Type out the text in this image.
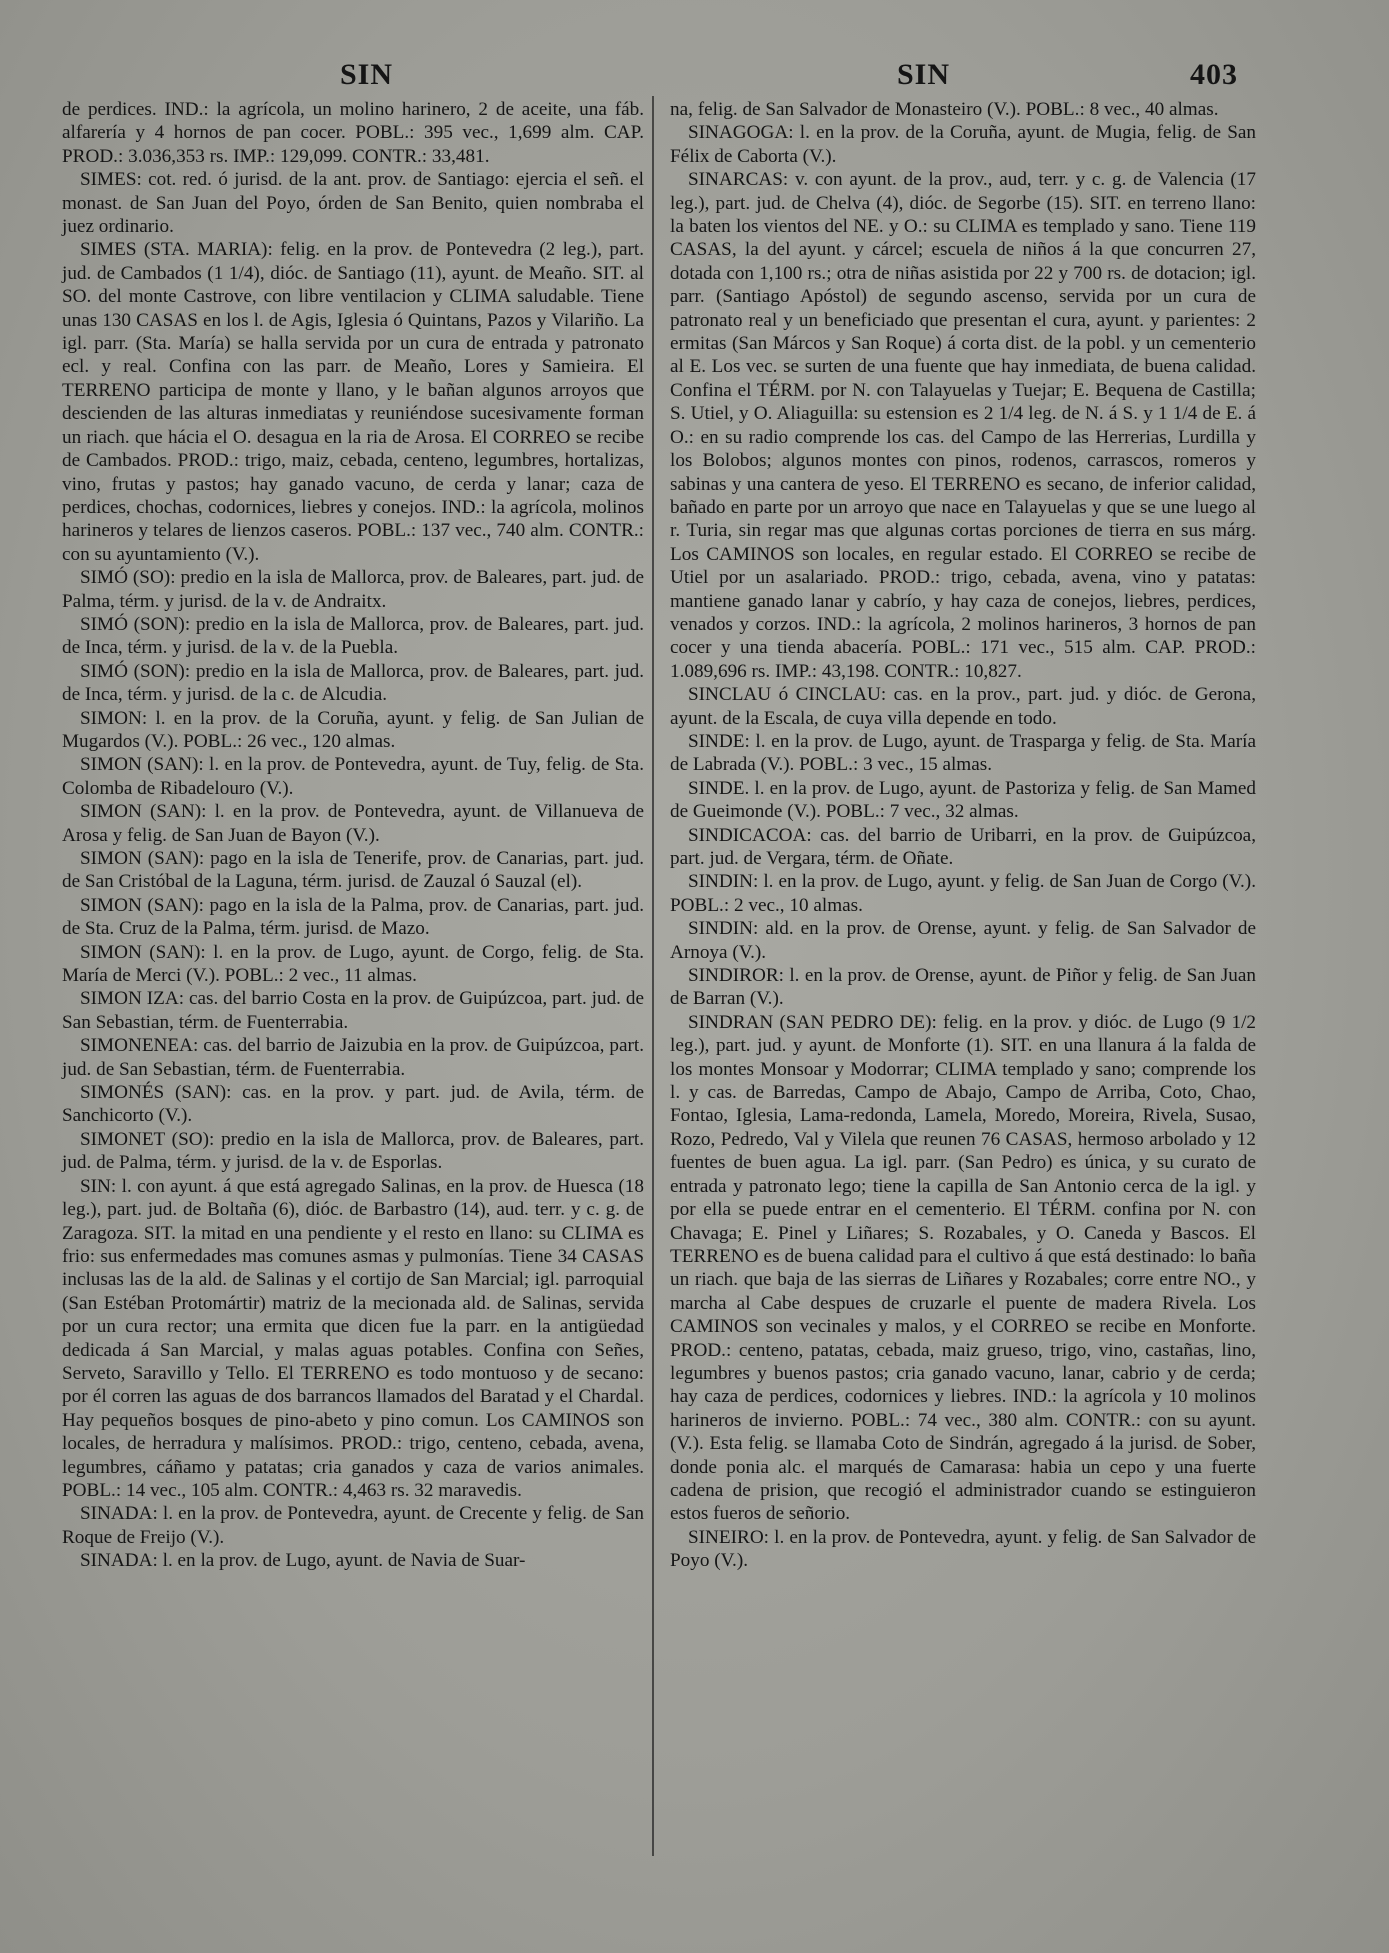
SIN	SIN	403

de perdices. IND.: la agrícola, un molino harinero, 2 de aceite, una fáb. alfarería y 4 hornos de pan cocer. POBL.: 395 vec., 1,699 alm. CAP. PROD.: 3.036,353 rs. IMP.: 129,099. CONTR.: 33,481.

SIMES: cot. red. ó jurisd. de la ant. prov. de Santiago: ejercia el señ. el monast. de San Juan del Poyo, órden de San Benito, quien nombraba el juez ordinario.

SIMES (STA. MARIA): felig. en la prov. de Pontevedra (2 leg.), part. jud. de Cambados (1 1/4), dióc. de Santiago (11), ayunt. de Meaño. SIT. al SO. del monte Castrove, con libre ventilacion y CLIMA saludable. Tiene unas 130 CASAS en los l. de Agis, Iglesia ó Quintans, Pazos y Vilariño. La igl. parr. (Sta. María) se halla servida por un cura de entrada y patronato ecl. y real. Confina con las parr. de Meaño, Lores y Samieira. El TERRENO participa de monte y llano, y le bañan algunos arroyos que descienden de las alturas inmediatas y reuniéndose sucesivamente forman un riach. que hácia el O. desagua en la ria de Arosa. El CORREO se recibe de Cambados. PROD.: trigo, maiz, cebada, centeno, legumbres, hortalizas, vino, frutas y pastos; hay ganado vacuno, de cerda y lanar; caza de perdices, chochas, codornices, liebres y conejos. IND.: la agrícola, molinos harineros y telares de lienzos caseros. POBL.: 137 vec., 740 alm. CONTR.: con su ayuntamiento (V.).

SIMÓ (SO): predio en la isla de Mallorca, prov. de Baleares, part. jud. de Palma, térm. y jurisd. de la v. de Andraitx.

SIMÓ (SON): predio en la isla de Mallorca, prov. de Baleares, part. jud. de Inca, térm. y jurisd. de la v. de la Puebla.

SIMÓ (SON): predio en la isla de Mallorca, prov. de Baleares, part. jud. de Inca, térm. y jurisd. de la c. de Alcudia.

SIMON: l. en la prov. de la Coruña, ayunt. y felig. de San Julian de Mugardos (V.). POBL.: 26 vec., 120 almas.

SIMON (SAN): l. en la prov. de Pontevedra, ayunt. de Tuy, felig. de Sta. Colomba de Ribadelouro (V.).

SIMON (SAN): l. en la prov. de Pontevedra, ayunt. de Villanueva de Arosa y felig. de San Juan de Bayon (V.).

SIMON (SAN): pago en la isla de Tenerife, prov. de Canarias, part. jud. de San Cristóbal de la Laguna, térm. jurisd. de Zauzal ó Sauzal (el).

SIMON (SAN): pago en la isla de la Palma, prov. de Canarias, part. jud. de Sta. Cruz de la Palma, térm. jurisd. de Mazo.

SIMON (SAN): l. en la prov. de Lugo, ayunt. de Corgo, felig. de Sta. María de Merci (V.). POBL.: 2 vec., 11 almas.

SIMON IZA: cas. del barrio Costa en la prov. de Guipúzcoa, part. jud. de San Sebastian, térm. de Fuenterrabia.

SIMONENEA: cas. del barrio de Jaizubia en la prov. de Guipúzcoa, part. jud. de San Sebastian, térm. de Fuenterrabia.

SIMONÉS (SAN): cas. en la prov. y part. jud. de Avila, térm. de Sanchicorto (V.).

SIMONET (SO): predio en la isla de Mallorca, prov. de Baleares, part. jud. de Palma, térm. y jurisd. de la v. de Esporlas.

SIN: l. con ayunt. á que está agregado Salinas, en la prov. de Huesca (18 leg.), part. jud. de Boltaña (6), dióc. de Barbastro (14), aud. terr. y c. g. de Zaragoza. SIT. la mitad en una pendiente y el resto en llano: su CLIMA es frio: sus enfermedades mas comunes asmas y pulmonías. Tiene 34 CASAS inclusas las de la ald. de Salinas y el cortijo de San Marcial; igl. parroquial (San Estéban Protomártir) matriz de la mecionada ald. de Salinas, servida por un cura rector; una ermita que dicen fue la parr. en la antigüedad dedicada á San Marcial, y malas aguas potables. Confina con Señes, Serveto, Saravillo y Tello. El TERRENO es todo montuoso y de secano: por él corren las aguas de dos barrancos llamados del Baratad y el Chardal. Hay pequeños bosques de pino-abeto y pino comun. Los CAMINOS son locales, de herradura y malísimos. PROD.: trigo, centeno, cebada, avena, legumbres, cáñamo y patatas; cria ganados y caza de varios animales. POBL.: 14 vec., 105 alm. CONTR.: 4,463 rs. 32 maravedis.

SINADA: l. en la prov. de Pontevedra, ayunt. de Crecente y felig. de San Roque de Freijo (V.).

SINADA: l. en la prov. de Lugo, ayunt. de Navia de Suar-

na, felig. de San Salvador de Monasteiro (V.). POBL.: 8 vec., 40 almas.

SINAGOGA: l. en la prov. de la Coruña, ayunt. de Mugia, felig. de San Félix de Caborta (V.).

SINARCAS: v. con ayunt. de la prov., aud, terr. y c. g. de Valencia (17 leg.), part. jud. de Chelva (4), dióc. de Segorbe (15). SIT. en terreno llano: la baten los vientos del NE. y O.: su CLIMA es templado y sano. Tiene 119 CASAS, la del ayunt. y cárcel; escuela de niños á la que concurren 27, dotada con 1,100 rs.; otra de niñas asistida por 22 y 700 rs. de dotacion; igl. parr. (Santiago Apóstol) de segundo ascenso, servida por un cura de patronato real y un beneficiado que presentan el cura, ayunt. y parientes: 2 ermitas (San Márcos y San Roque) á corta dist. de la pobl. y un cementerio al E. Los vec. se surten de una fuente que hay inmediata, de buena calidad. Confina el TÉRM. por N. con Talayuelas y Tuejar; E. Bequena de Castilla; S. Utiel, y O. Aliaguilla: su estension es 2 1/4 leg. de N. á S. y 1 1/4 de E. á O.: en su radio comprende los cas. del Campo de las Herrerias, Lurdilla y los Bolobos; algunos montes con pinos, rodenos, carrascos, romeros y sabinas y una cantera de yeso. El TERRENO es secano, de inferior calidad, bañado en parte por un arroyo que nace en Talayuelas y que se une luego al r. Turia, sin regar mas que algunas cortas porciones de tierra en sus márg. Los CAMINOS son locales, en regular estado. El CORREO se recibe de Utiel por un asalariado. PROD.: trigo, cebada, avena, vino y patatas: mantiene ganado lanar y cabrío, y hay caza de conejos, liebres, perdices, venados y corzos. IND.: la agrícola, 2 molinos harineros, 3 hornos de pan cocer y una tienda abacería. POBL.: 171 vec., 515 alm. CAP. PROD.: 1.089,696 rs. IMP.: 43,198. CONTR.: 10,827.

SINCLAU ó CINCLAU: cas. en la prov., part. jud. y dióc. de Gerona, ayunt. de la Escala, de cuya villa depende en todo.

SINDE: l. en la prov. de Lugo, ayunt. de Trasparga y felig. de Sta. María de Labrada (V.). POBL.: 3 vec., 15 almas.

SINDE. l. en la prov. de Lugo, ayunt. de Pastoriza y felig. de San Mamed de Gueimonde (V.). POBL.: 7 vec., 32 almas.

SINDICACOA: cas. del barrio de Uribarri, en la prov. de Guipúzcoa, part. jud. de Vergara, térm. de Oñate.

SINDIN: l. en la prov. de Lugo, ayunt. y felig. de San Juan de Corgo (V.). POBL.: 2 vec., 10 almas.

SINDIN: ald. en la prov. de Orense, ayunt. y felig. de San Salvador de Arnoya (V.).

SINDIROR: l. en la prov. de Orense, ayunt. de Piñor y felig. de San Juan de Barran (V.).

SINDRAN (SAN PEDRO DE): felig. en la prov. y dióc. de Lugo (9 1/2 leg.), part. jud. y ayunt. de Monforte (1). SIT. en una llanura á la falda de los montes Monsoar y Modorrar; CLIMA templado y sano; comprende los l. y cas. de Barredas, Campo de Abajo, Campo de Arriba, Coto, Chao, Fontao, Iglesia, Lama-redonda, Lamela, Moredo, Moreira, Rivela, Susao, Rozo, Pedredo, Val y Vilela que reunen 76 CASAS, hermoso arbolado y 12 fuentes de buen agua. La igl. parr. (San Pedro) es única, y su curato de entrada y patronato lego; tiene la capilla de San Antonio cerca de la igl. y por ella se puede entrar en el cementerio. El TÉRM. confina por N. con Chavaga; E. Pinel y Liñares; S. Rozabales, y O. Caneda y Bascos. El TERRENO es de buena calidad para el cultivo á que está destinado: lo baña un riach. que baja de las sierras de Liñares y Rozabales; corre entre NO., y marcha al Cabe despues de cruzarle el puente de madera Rivela. Los CAMINOS son vecinales y malos, y el CORREO se recibe en Monforte. PROD.: centeno, patatas, cebada, maiz grueso, trigo, vino, castañas, lino, legumbres y buenos pastos; cria ganado vacuno, lanar, cabrio y de cerda; hay caza de perdices, codornices y liebres. IND.: la agrícola y 10 molinos harineros de invierno. POBL.: 74 vec., 380 alm. CONTR.: con su ayunt. (V.). Esta felig. se llamaba Coto de Sindrán, agregado á la jurisd. de Sober, donde ponia alc. el marqués de Camarasa: habia un cepo y una fuerte cadena de prision, que recogió el administrador cuando se estinguieron estos fueros de señorio.

SINEIRO: l. en la prov. de Pontevedra, ayunt. y felig. de San Salvador de Poyo (V.).
